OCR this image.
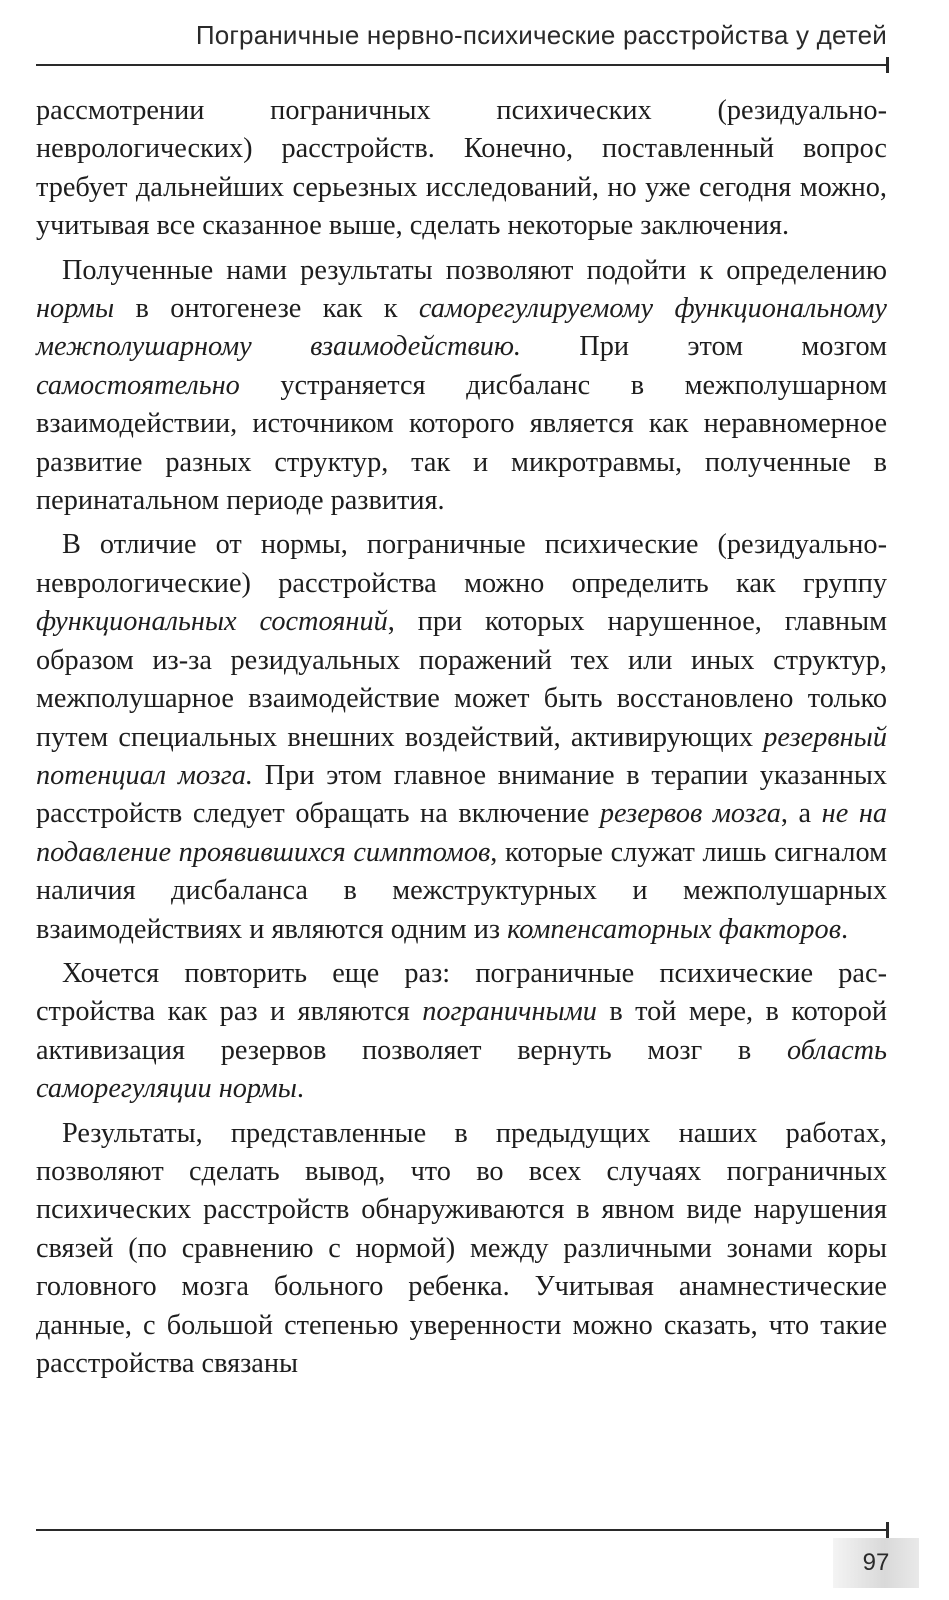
Пограничные нервно-психические расстройства у детей

рассмотрении пограничных психических (резидуально-неврологических) расстройств. Конечно, поставленный вопрос требует дальнейших серьезных исследований, но уже сегодня можно, учитывая все сказанное выше, сделать некоторые заключения.

Полученные нами результаты позволяют подойти к определению нормы в онтогенезе как к саморегулируемому функциональному межполушарному взаимодействию. При этом мозгом самостоятельно устраняется дисбаланс в межполушарном взаимодействии, источником которого является как неравномерное развитие разных структур, так и микротравмы, полученные в перинатальном периоде развития.

В отличие от нормы, пограничные психические (резидуально-неврологические) расстройства можно определить как группу функциональных состояний, при которых нарушенное, главным образом из-за резидуальных поражений тех или иных структур, межполушарное взаимодействие может быть восстановлено только путем специальных внешних воздействий, активирующих резервный потенциал мозга. При этом главное внимание в терапии указанных расстройств следует обращать на включение резервов мозга, а не на подавление проявившихся симптомов, которые служат лишь сигналом наличия дисбаланса в межструктурных и межполушарных взаимодействиях и являются одним из компенсаторных факторов.

Хочется повторить еще раз: пограничные психические расстройства как раз и являются пограничными в той мере, в которой активизация резервов позволяет вернуть мозг в область саморегуляции нормы.

Результаты, представленные в предыдущих наших работах, позволяют сделать вывод, что во всех случаях пограничных психических расстройств обнаруживаются в явном виде нарушения связей (по сравнению с нормой) между различными зонами коры головного мозга больного ребенка. Учитывая анамнестические данные, с большой степенью уверенности можно сказать, что такие расстройства связаны

97
